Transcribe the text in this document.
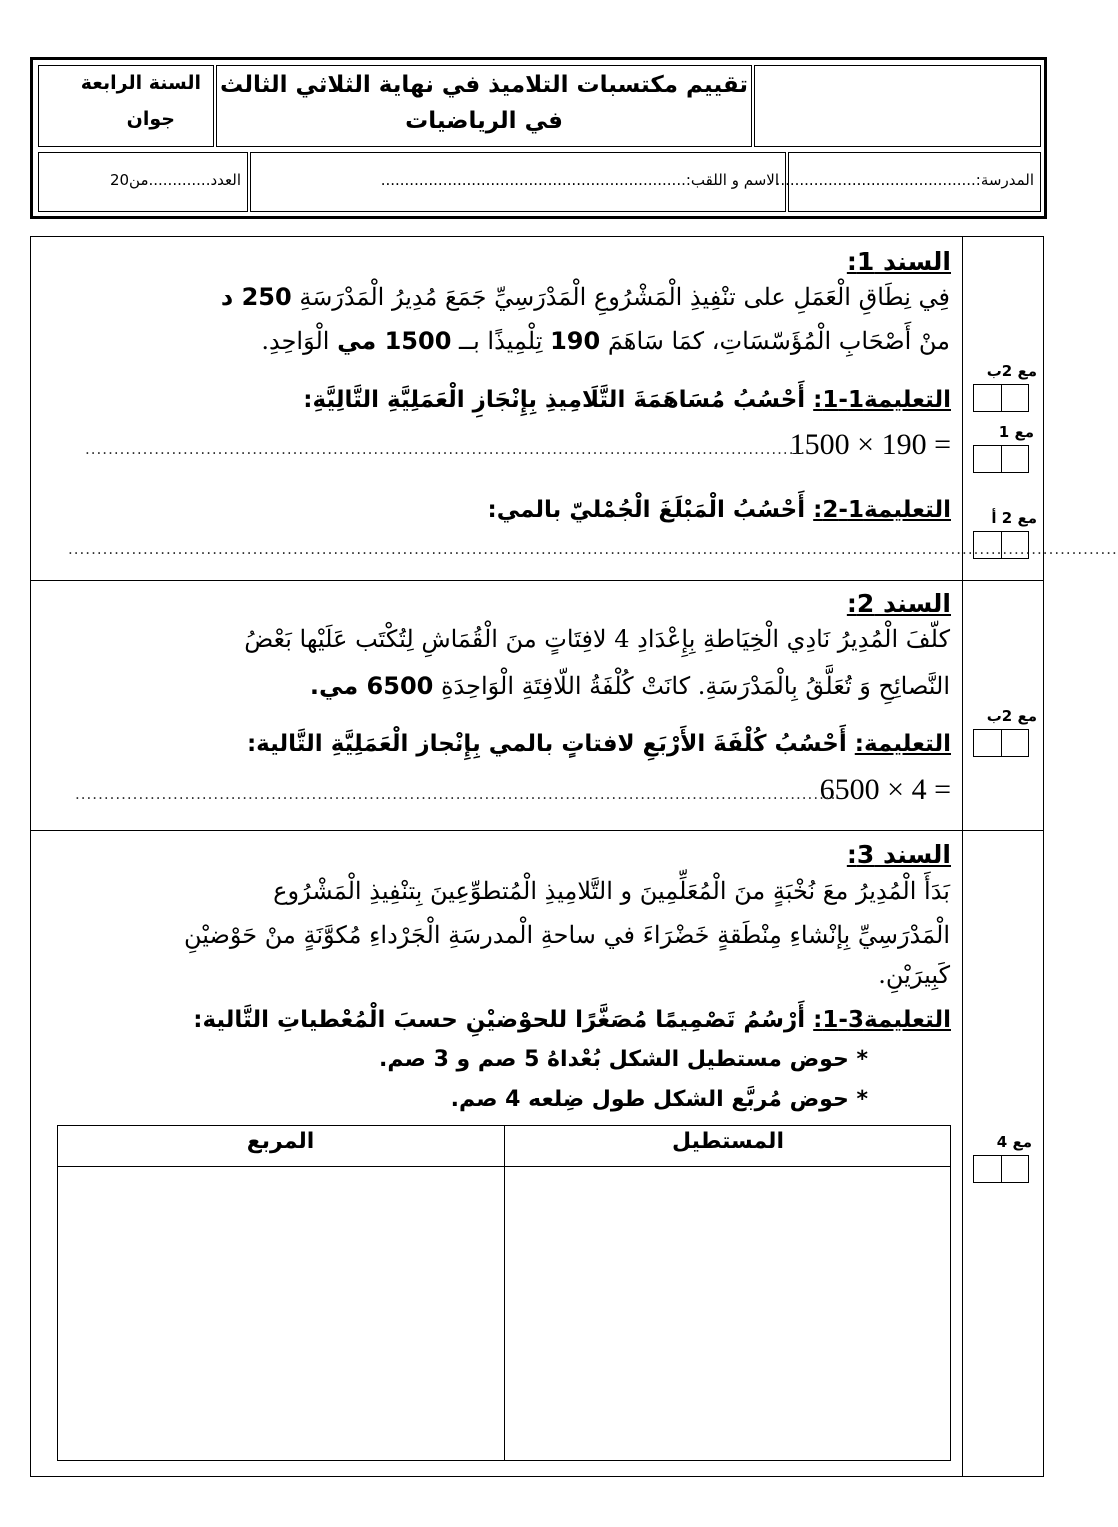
السنة الرابعة
جوان
تقييم مكتسبات التلاميذ في نهاية الثلاثي الثالث
في الرياضيات
العدد.............من20	الاسم و اللقب:................................................................
المدرسة:..........................................
السند 1:
فِي نِطَاقِ الْعَمَلِ على تنْفِيذِ الْمَشْرُوعِ الْمَدْرَسِيِّ جَمَعَ مُدِيرُ الْمَدْرَسَةِ 250 د
منْ أَصْحَابِ الْمُؤَسّسَاتِ، كمَا سَاهَمَ 190 تِلْمِيذًا بــ 1500 مي الْوَاحِدِ.
التعليمة1-1: أَحْسُبُ مُسَاهَمَةَ التَّلَامِيذِ بِإِنْجَازِ الْعَمَلِيَّةِ التَّالِيَّةِ:
1500 × 190 =
..............................................................................................................................
التعليمة1-2: أَحْسُبُ الْمَبْلَغَ الْجُمْليّ بالمي:
......................................................................................................................................................................................
مع 2ب
مع 1
مع 2 أ
السند 2:
كلّفَ الْمُدِيرُ نَادِي الْخِيَاطةِ بِإِعْدَادِ 4 لافِتَاتٍ منَ الْقُمَاشِ لِتُكْتَب عَلَيْها بَعْضُ
النَّصائِحِ وَ تُعَلَّقُ بِالْمَدْرَسَةِ. كانَتْ كُلْفَةُ اللّافِتَةِ الْوَاحِدَةِ 6500 مي.
التعليمة: أَحْسُبُ كُلْفَةَ الأَرْبَعِ لافتاتٍ بالمي بِإِنْجاز الْعَمَلِيَّةِ التَّالية:
6500 × 4 =
....................................................................................................................................
مع 2ب
السند 3:
بَدَأَ الْمُدِيرُ معَ نُخْبَةٍ منَ الْمُعَلِّمِينَ و التَّلامِيذِ الْمُتطوِّعِينَ بِتنْفِيذِ الْمَشْرُوع
الْمَدْرَسِيِّ بِإنْشاءِ مِنْطَقةٍ خَضْرَاءَ في ساحةِ الْمدرسَةِ الْجَرْداءِ مُكوَّنَةٍ منْ حَوْضيْنِ
كَبِيرَيْنِ.
التعليمة3-1: أَرْسُمُ تَصْمِيمًا مُصَغَّرًا للحوْضيْنِ حسبَ الْمُعْطياتِ التَّالية:
* حوض مستطيل الشكل بُعْداهُ 5 صم و 3 صم.
* حوض مُربَّع الشكل طول ضِلعه 4 صم.
المستطيل
المربع	مع 4
